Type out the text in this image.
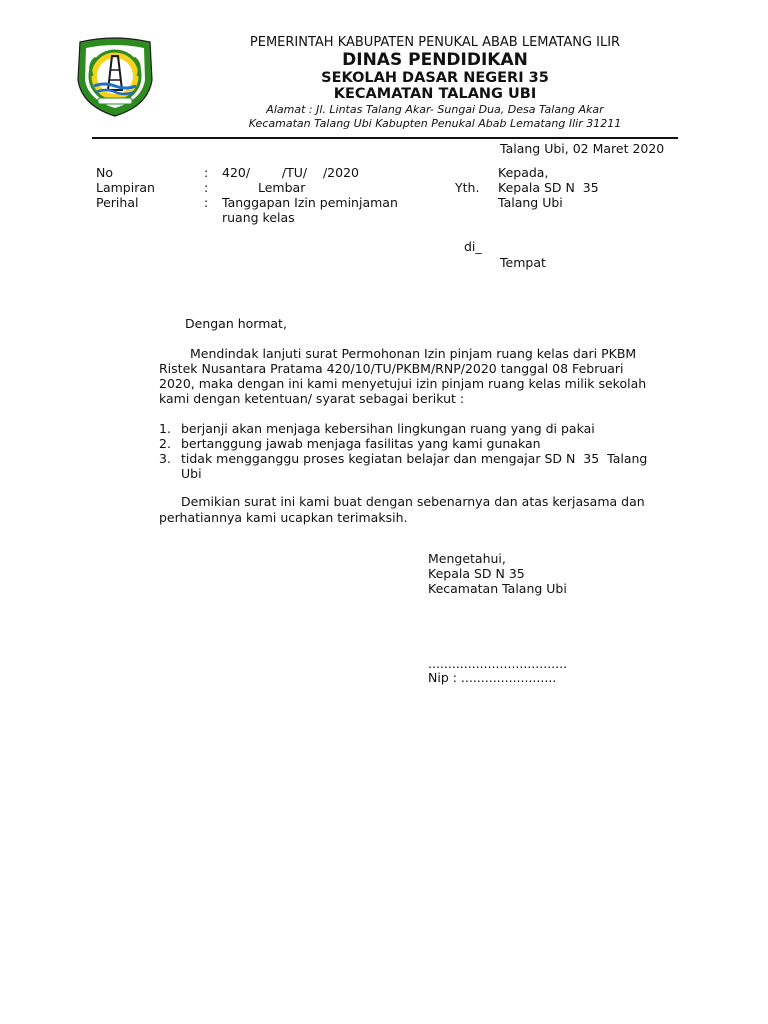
PEMERINTAH KABUPATEN PENUKAL ABAB LEMATANG ILIR
DINAS PENDIDIKAN
SEKOLAH DASAR NEGERI 35
KECAMATAN TALANG UBI
Alamat : Jl. Lintas Talang Akar- Sungai Dua, Desa Talang Akar
Kecamatan Talang Ubi Kabupten Penukal Abab Lematang Ilir 31211
Talang Ubi, 02 Maret 2020
No	: 420/        /TU/    /2020
Lampiran	:	Lembar
Perihal	: Tanggapan Izin peminjaman
ruang kelas
Kepada,
Yth. Kepala SD N  35
Talang Ubi
di_
Tempat
Dengan hormat,
Mendindak lanjuti surat Permohonan Izin pinjam ruang kelas dari PKBM
Ristek Nusantara Pratama 420/10/TU/PKBM/RNP/2020 tanggal 08 Februari
2020, maka dengan ini kami menyetujui izin pinjam ruang kelas milik sekolah
kami dengan ketentuan/ syarat sebagai berikut :
1. berjanji akan menjaga kebersihan lingkungan ruang yang di pakai
2. bertanggung jawab menjaga fasilitas yang kami gunakan
3. tidak mengganggu proses kegiatan belajar dan mengajar SD N  35  Talang
Ubi
Demikian surat ini kami buat dengan sebenarnya dan atas kerjasama dan
perhatiannya kami ucapkan terimaksih.
Mengetahui,
Kepala SD N 35
Kecamatan Talang Ubi
...................................
Nip : ........................
